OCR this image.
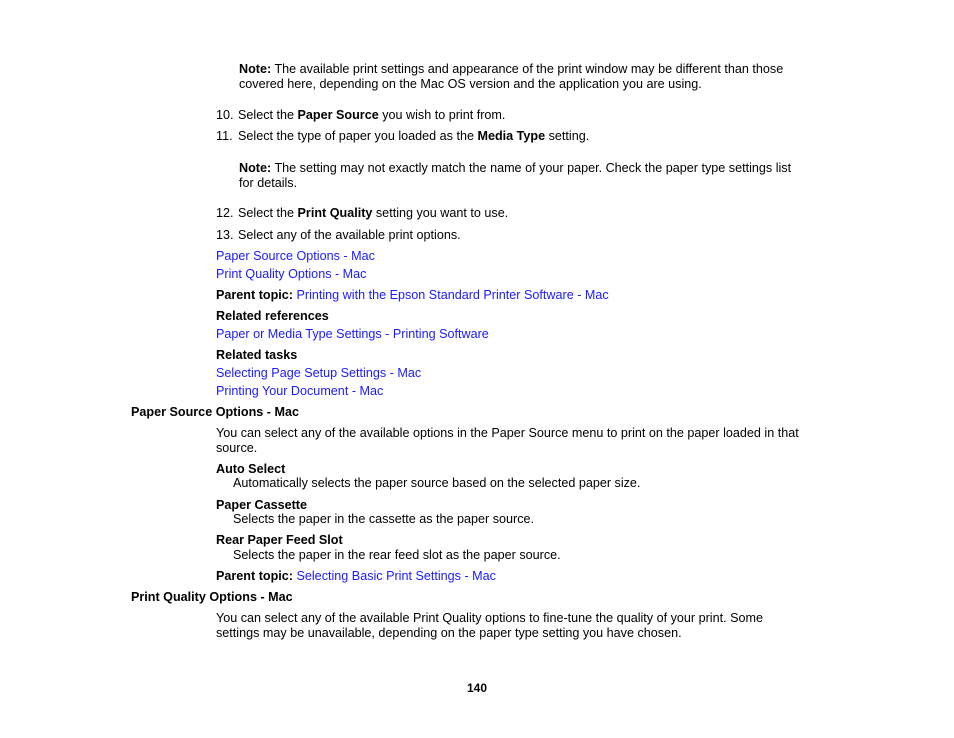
Note: The available print settings and appearance of the print window may be different than those
covered here, depending on the Mac OS version and the application you are using.
10. Select the Paper Source you wish to print from.
11. Select the type of paper you loaded as the Media Type setting.
Note: The setting may not exactly match the name of your paper. Check the paper type settings list
for details.
12. Select the Print Quality setting you want to use.
13. Select any of the available print options.
Paper Source Options - Mac
Print Quality Options - Mac
Parent topic: Printing with the Epson Standard Printer Software - Mac
Related references
Paper or Media Type Settings - Printing Software
Related tasks
Selecting Page Setup Settings - Mac
Printing Your Document - Mac
Paper Source Options - Mac
You can select any of the available options in the Paper Source menu to print on the paper loaded in that
source.
Auto Select
Automatically selects the paper source based on the selected paper size.
Paper Cassette
Selects the paper in the cassette as the paper source.
Rear Paper Feed Slot
Selects the paper in the rear feed slot as the paper source.
Parent topic: Selecting Basic Print Settings - Mac
Print Quality Options - Mac
You can select any of the available Print Quality options to fine-tune the quality of your print. Some
settings may be unavailable, depending on the paper type setting you have chosen.
140
